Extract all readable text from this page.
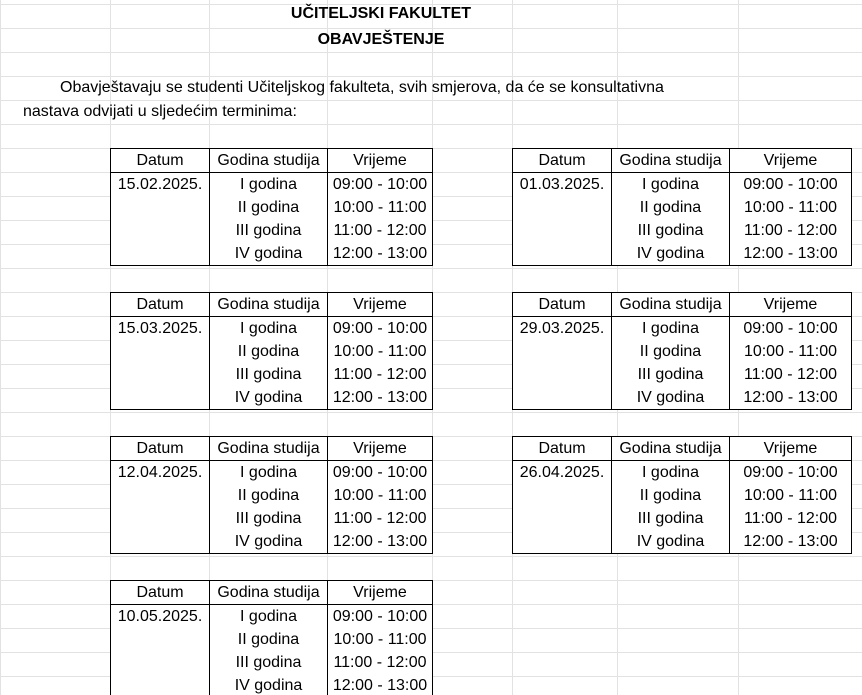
UČITELJSKI FAKULTET
OBAVJEŠTENJE
Obavještavaju se studenti Učiteljskog fakulteta, svih smjerova, da će se konsultativna
nastava odvijati u sljedećim terminima:
Datum	Godina studija	Vrijeme
15.02.2025.	I godina	09:00 - 10:00
	II godina	10:00 - 11:00
	III godina	11:00 - 12:00
	IV godina	12:00 - 13:00
Datum	Godina studija	Vrijeme
01.03.2025.	I godina	09:00 - 10:00
	II godina	10:00 - 11:00
	III godina	11:00 - 12:00
	IV godina	12:00 - 13:00
Datum	Godina studija	Vrijeme
15.03.2025.	I godina	09:00 - 10:00
	II godina	10:00 - 11:00
	III godina	11:00 - 12:00
	IV godina	12:00 - 13:00
Datum	Godina studija	Vrijeme
29.03.2025.	I godina	09:00 - 10:00
	II godina	10:00 - 11:00
	III godina	11:00 - 12:00
	IV godina	12:00 - 13:00
Datum	Godina studija	Vrijeme
12.04.2025.	I godina	09:00 - 10:00
	II godina	10:00 - 11:00
	III godina	11:00 - 12:00
	IV godina	12:00 - 13:00
Datum	Godina studija	Vrijeme
26.04.2025.	I godina	09:00 - 10:00
	II godina	10:00 - 11:00
	III godina	11:00 - 12:00
	IV godina	12:00 - 13:00
Datum	Godina studija	Vrijeme
10.05.2025.	I godina	09:00 - 10:00
	II godina	10:00 - 11:00
	III godina	11:00 - 12:00
	IV godina	12:00 - 13:00
